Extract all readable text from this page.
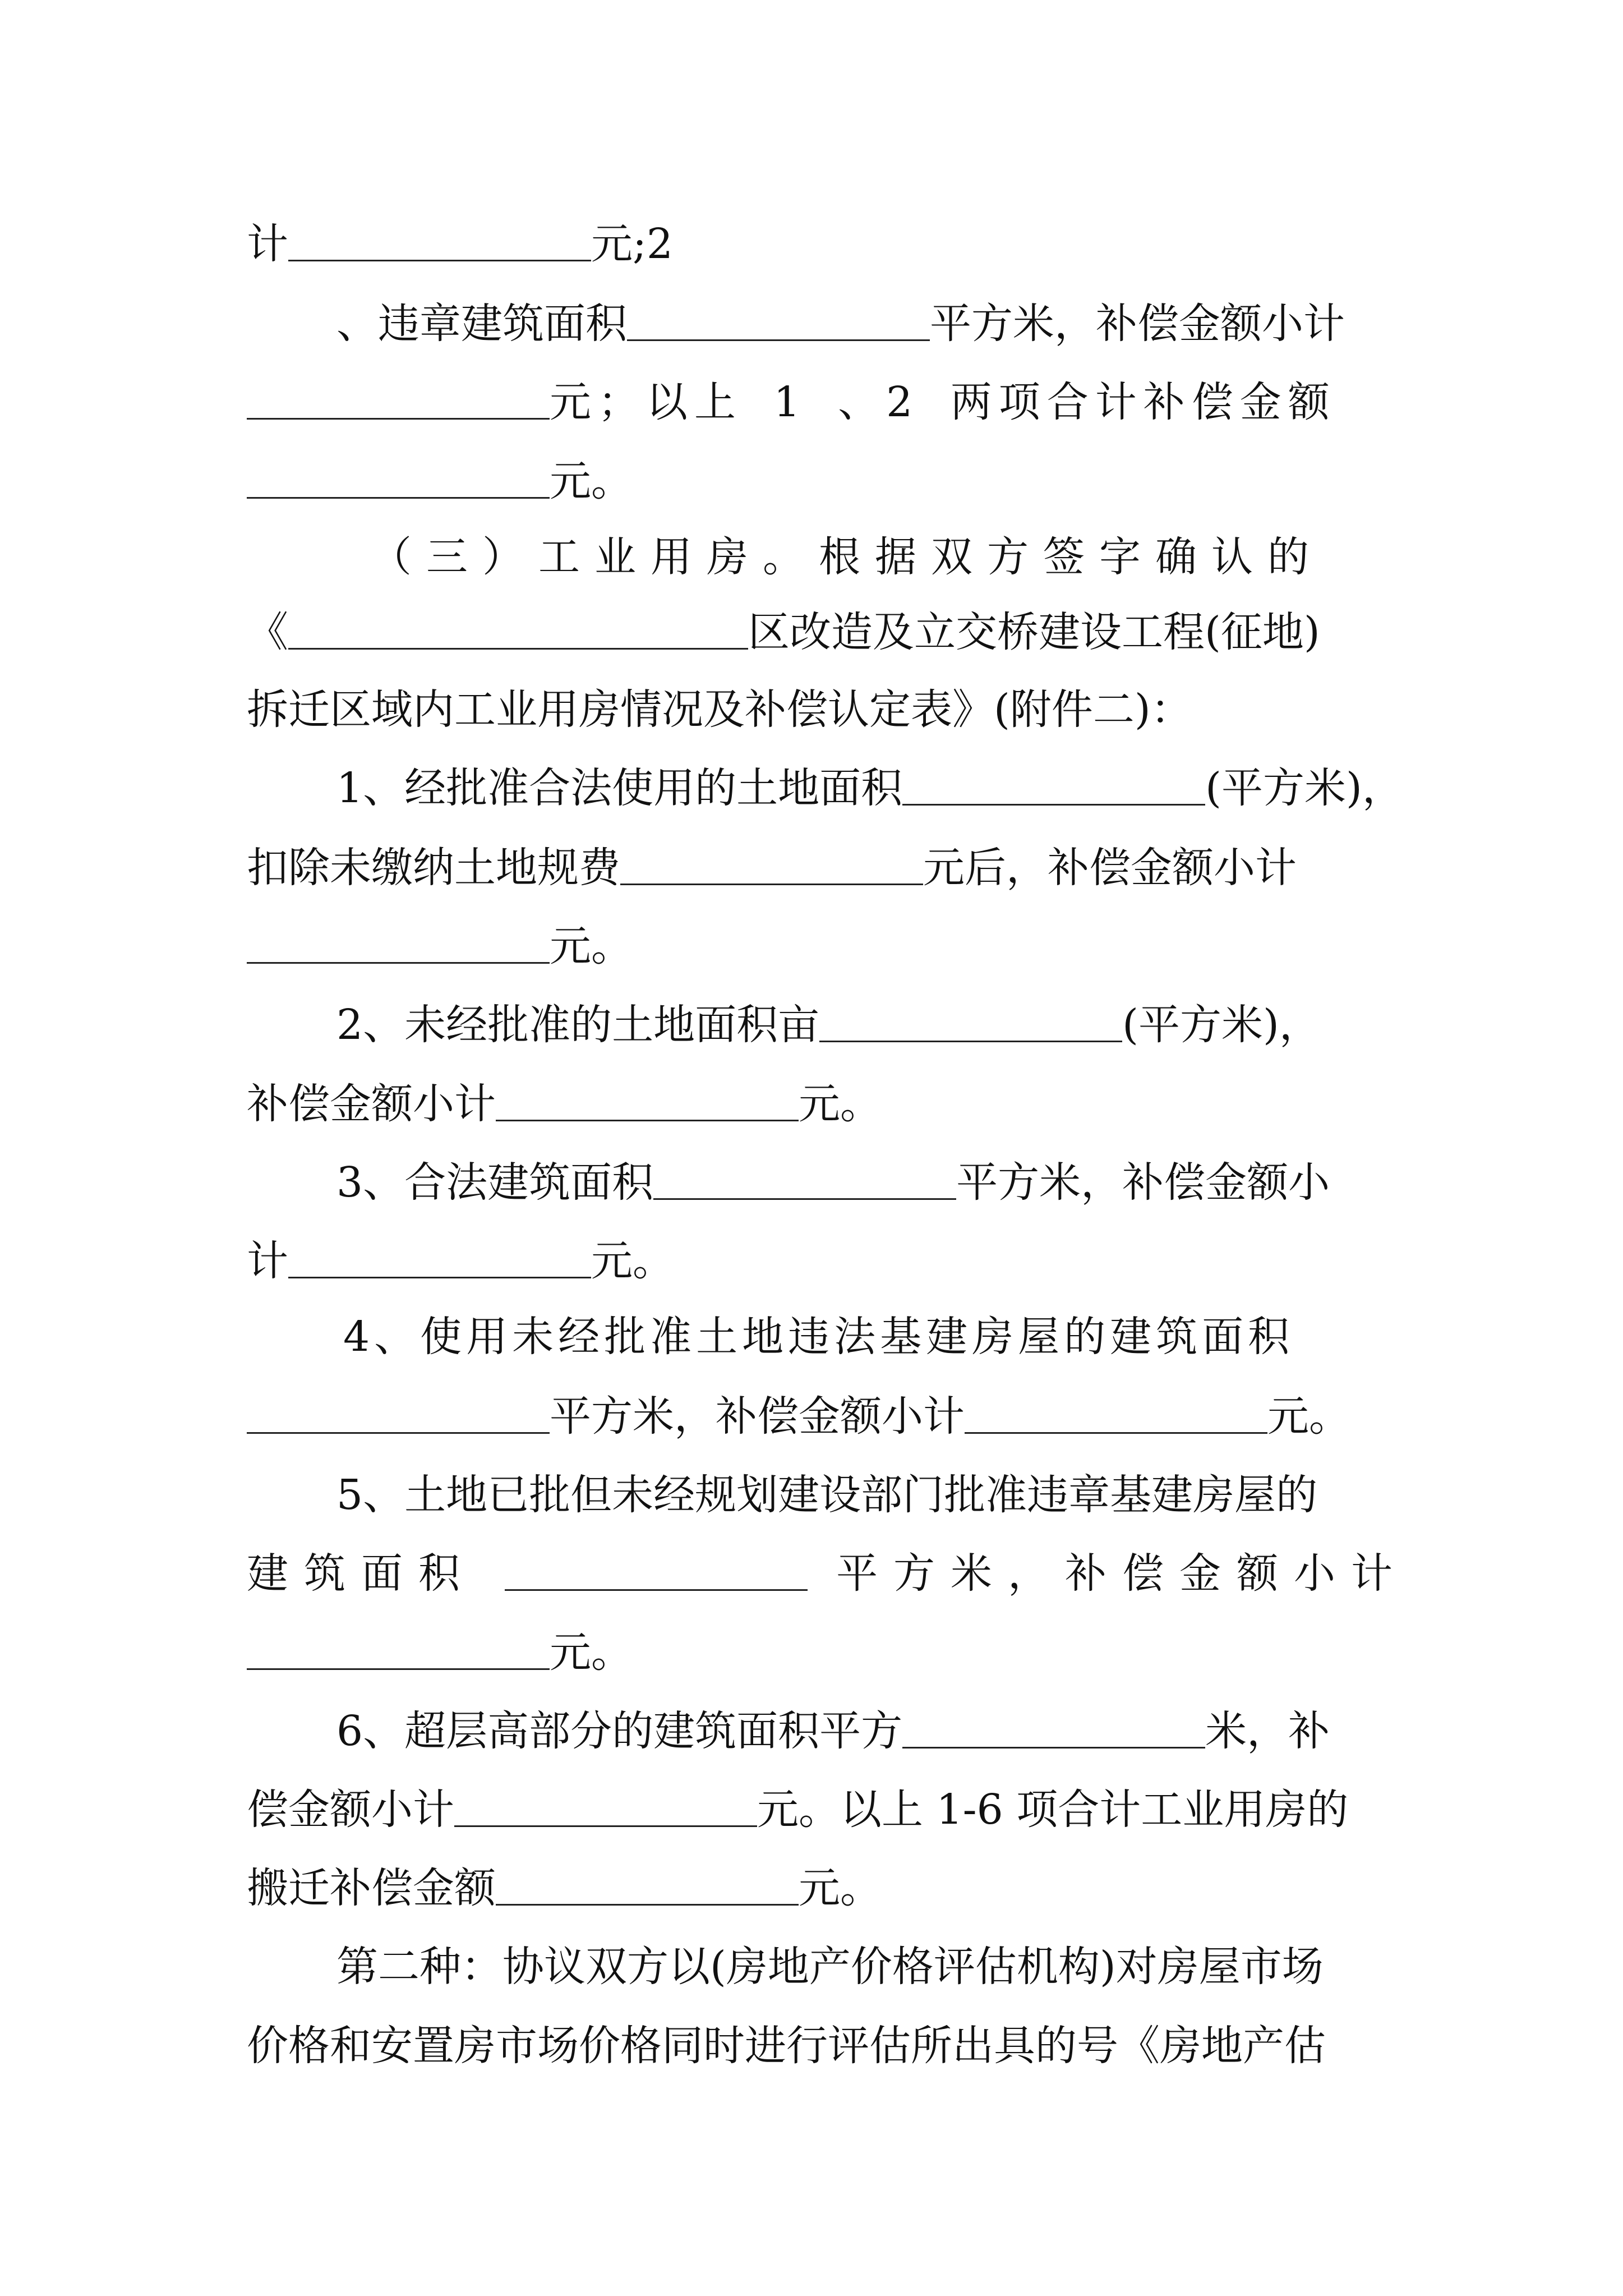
计	元;2
、违章建筑面积	平方米，补偿金额小计
元；以上 1 、2 两项合计补偿金额
元。
（三）工业用房。根据双方签字确认的
《	区改造及立交桥建设工程(征地)
拆迁区域内工业用房情况及补偿认定表》(附件二)：
1、经批准合法使用的土地面积	(平方米)，
扣除未缴纳土地规费	元后，补偿金额小计
元。
2、未经批准的土地面积亩	(平方米)，
补偿金额小计	元。
3、合法建筑面积	平方米，补偿金额小
计	元。
4、使用未经批准土地违法基建房屋的建筑面积
平方米，补偿金额小计	元。
5、土地已批但未经规划建设部门批准违章基建房屋的
建筑面积	平方米，补偿金额小计
元。
6、超层高部分的建筑面积平方	米，补
偿金额小计	元。以上 1-6 项合计工业用房的
搬迁补偿金额	元。
第二种：协议双方以(房地产价格评估机构)对房屋市场
价格和安置房市场价格同时进行评估所出具的号《房地产估
